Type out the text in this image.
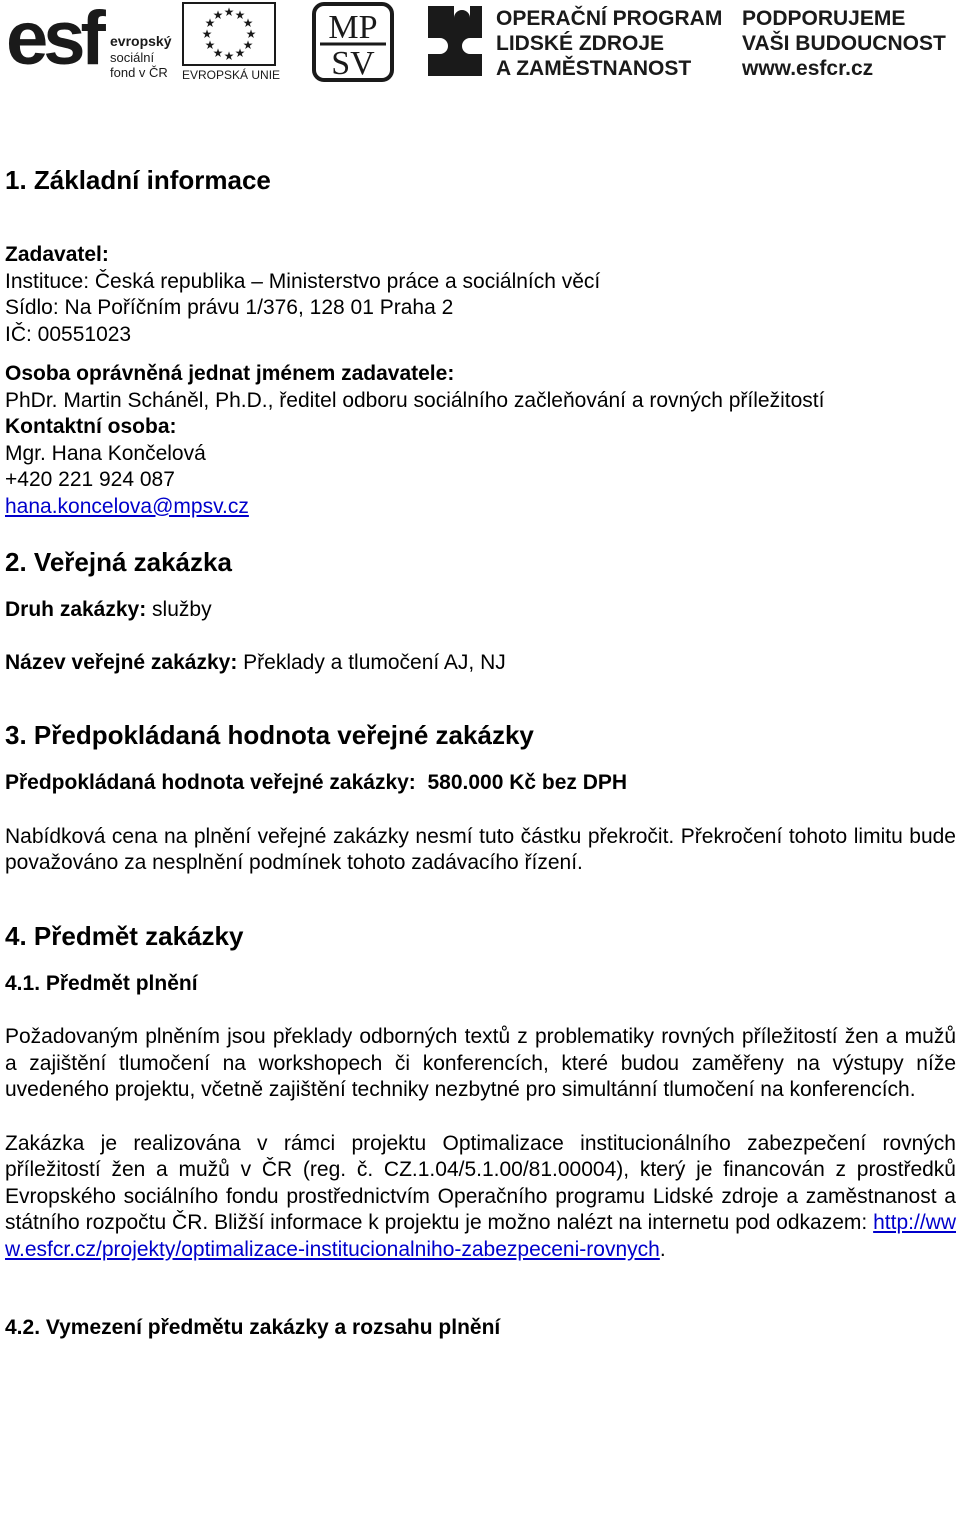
esf evropský
sociální
fond v ČR
★ ★
★
★
★
★
★
★
★
★
★
★
EVROPSKÁ UNIE
MP
SV
OPERAČNÍ PROGRAM
LIDSKÉ ZDROJE
A ZAMĚSTNANOST
PODPORUJEME
VAŠI BUDOUCNOST
www.esfcr.cz
1. Základní informace

Zadavatel:

Instituce: Česká republika – Ministerstvo práce a sociálních věcí

Sídlo: Na Poříčním právu 1/376, 128 01 Praha 2

IČ: 00551023

Osoba oprávněná jednat jménem zadavatele:

PhDr. Martin Scháněl, Ph.D., ředitel odboru sociálního začleňování a rovných příležitostí

Kontaktní osoba:

Mgr. Hana Končelová

+420 221 924 087

hana.koncelova@mpsv.cz

2. Veřejná zakázka

Druh zakázky: služby

Název veřejné zakázky: Překlady a tlumočení AJ, NJ

3. Předpokládaná hodnota veřejné zakázky

Předpokládaná hodnota veřejné zakázky:  580.000 Kč bez DPH

Nabídková cena na plnění veřejné zakázky nesmí tuto částku překročit. Překročení tohoto limitu bude považováno za nesplnění podmínek tohoto zadávacího řízení.

4. Předmět zakázky

4.1. Předmět plnění

Požadovaným plněním jsou překlady odborných textů z problematiky rovných příležitostí žen a mužů a zajištění tlumočení na workshopech či konferencích, které budou zaměřeny na výstupy níže uvedeného projektu, včetně zajištění techniky nezbytné pro simultánní tlumočení na konferencích.

Zakázka je realizována v rámci projektu Optimalizace institucionálního zabezpečení rovných příležitostí žen a mužů v ČR (reg. č. CZ.1.04/5.1.00/81.00004), který je financován z prostředků Evropského sociálního fondu prostřednictvím Operačního programu Lidské zdroje a zaměstnanost a státního rozpočtu ČR. Bližší informace k projektu je možno nalézt na internetu pod odkazem: http://www.esfcr.cz/projekty/optimalizace-institucionalniho-zabezpeceni-rovnych.

4.2. Vymezení předmětu zakázky a rozsahu plnění
